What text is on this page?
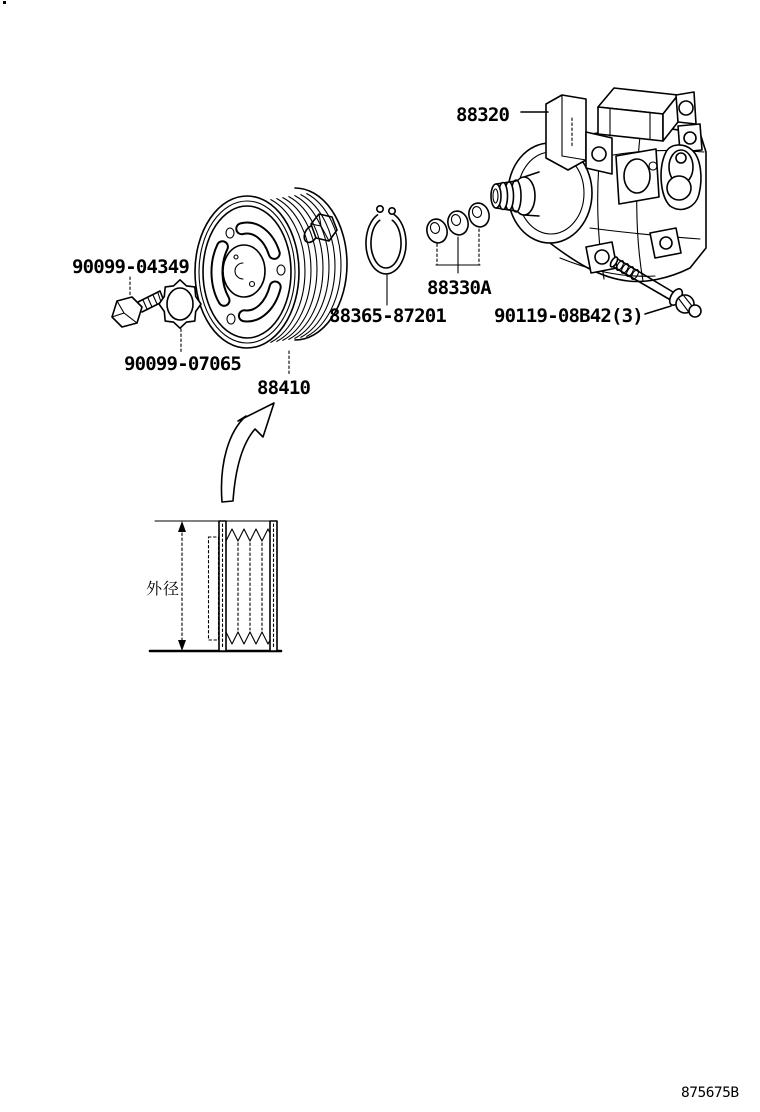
外径
88320
90099-04349
90099-07065
88410
88365-87201
88330A
90119-08B42(3)
875675B
